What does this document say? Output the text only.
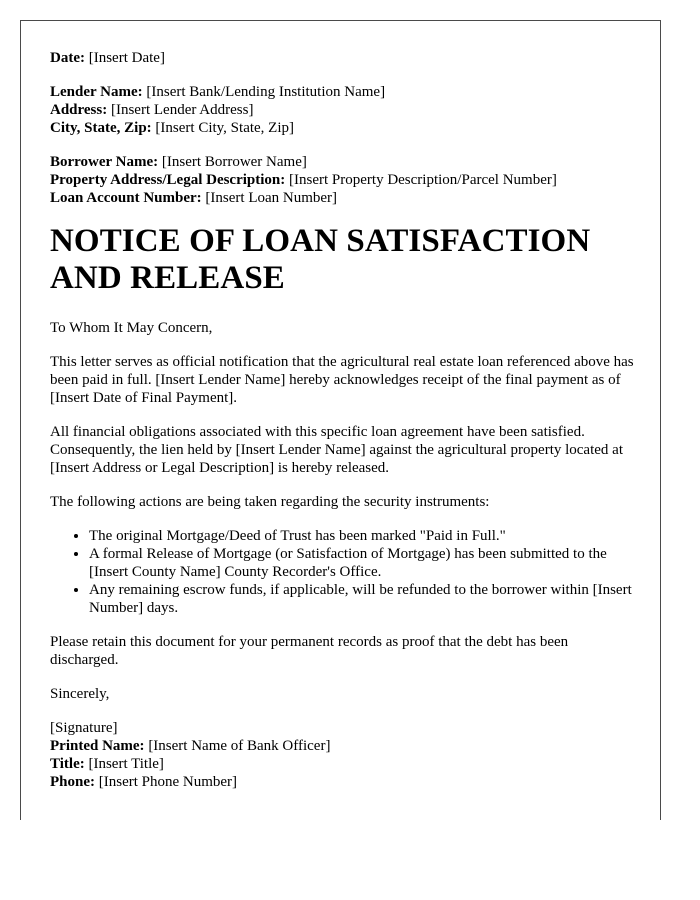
Date: [Insert Date]

Lender Name: [Insert Bank/Lending Institution Name]
Address: [Insert Lender Address]
City, State, Zip: [Insert City, State, Zip]

Borrower Name: [Insert Borrower Name]
Property Address/Legal Description: [Insert Property Description/Parcel Number]
Loan Account Number: [Insert Loan Number]

NOTICE OF LOAN SATISFACTION
AND RELEASE

To Whom It May Concern,

This letter serves as official notification that the agricultural real estate loan referenced above has been paid in full. [Insert Lender Name] hereby acknowledges receipt of the final payment as of [Insert Date of Final Payment].

All financial obligations associated with this specific loan agreement have been satisfied. Consequently, the lien held by [Insert Lender Name] against the agricultural property located at [Insert Address or Legal Description] is hereby released.

The following actions are being taken regarding the security instruments:

• The original Mortgage/Deed of Trust has been marked "Paid in Full."
• A formal Release of Mortgage (or Satisfaction of Mortgage) has been submitted to the [Insert County Name] County Recorder's Office.
• Any remaining escrow funds, if applicable, will be refunded to the borrower within [Insert Number] days.

Please retain this document for your permanent records as proof that the debt has been discharged.

Sincerely,

[Signature]
Printed Name: [Insert Name of Bank Officer]
Title: [Insert Title]
Phone: [Insert Phone Number]
